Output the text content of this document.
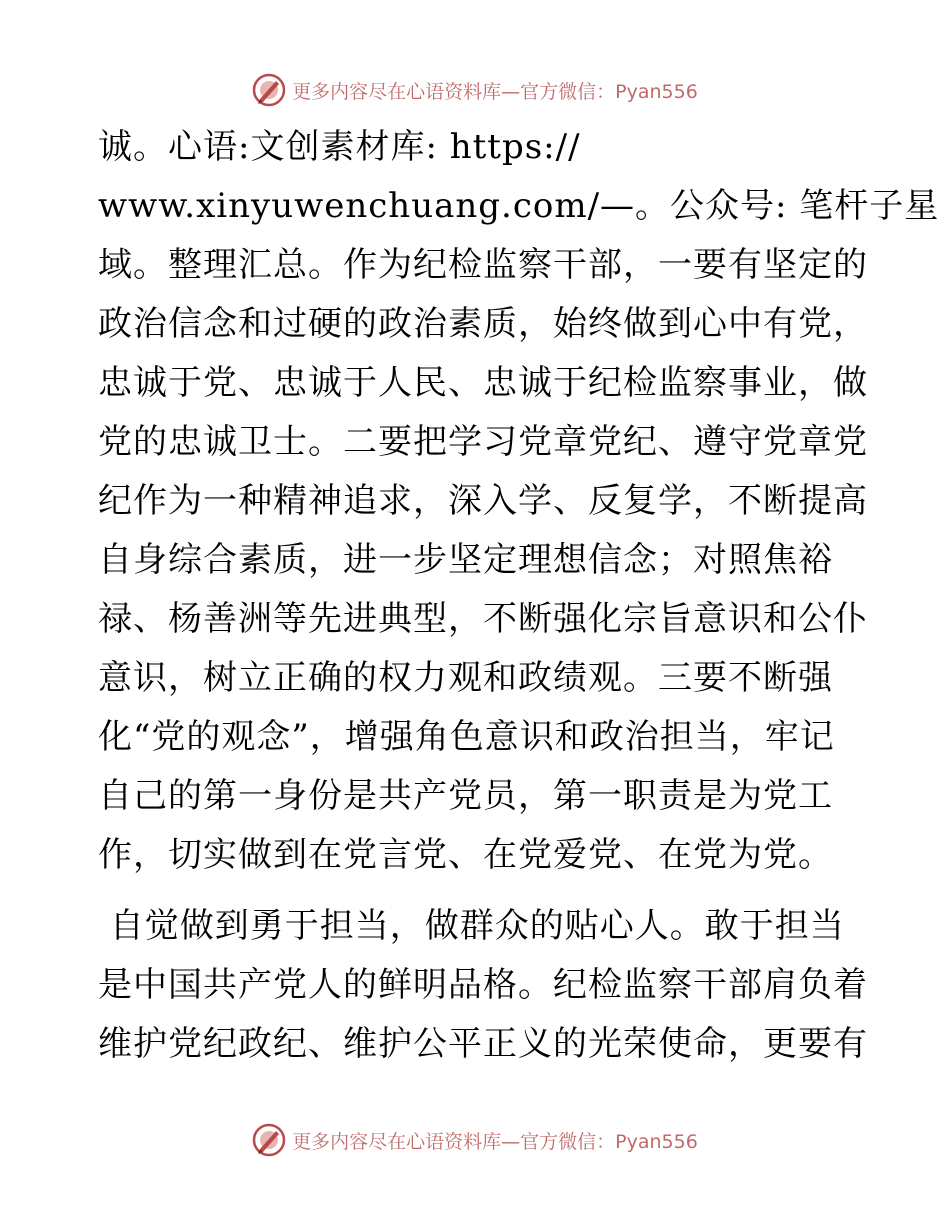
更多内容尽在心语资料库—官方微信：Pyan556

诚。心语:文创素材库: https://
www.xinyuwenchuang.com/—。公众号: 笔杆子星
域。整理汇总。作为纪检监察干部，一要有坚定的
政治信念和过硬的政治素质，始终做到心中有党，
忠诚于党、忠诚于人民、忠诚于纪检监察事业，做
党的忠诚卫士。二要把学习党章党纪、遵守党章党
纪作为一种精神追求，深入学、反复学，不断提高
自身综合素质，进一步坚定理想信念；对照焦裕
禄、杨善洲等先进典型，不断强化宗旨意识和公仆
意识，树立正确的权力观和政绩观。三要不断强
化“党的观念”，增强角色意识和政治担当，牢记
自己的第一身份是共产党员，第一职责是为党工
作，切实做到在党言党、在党爱党、在党为党。

自觉做到勇于担当，做群众的贴心人。敢于担当
是中国共产党人的鲜明品格。纪检监察干部肩负着
维护党纪政纪、维护公平正义的光荣使命，更要有

更多内容尽在心语资料库—官方微信：Pyan556
